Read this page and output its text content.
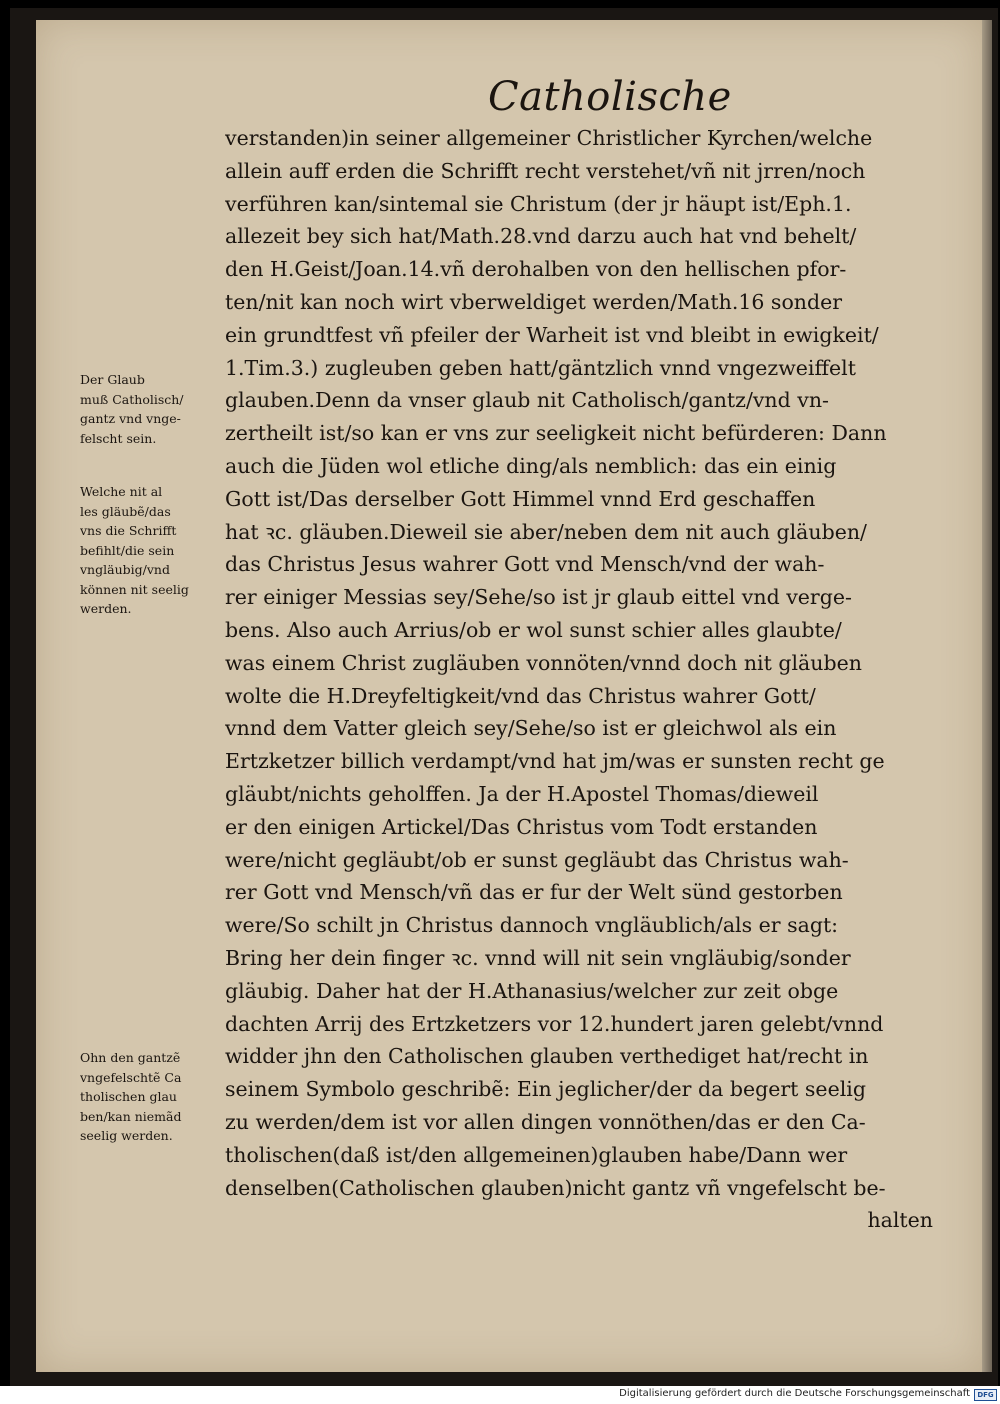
Catholische
verstanden)in seiner allgemeiner Christlicher Kyrchen/welche
allein auff erden die Schrifft recht verstehet/vñ nit jrren/noch
verführen kan/sintemal sie Christum (der jr häupt ist/Eph.1.
allezeit bey sich hat/Math.28.vnd darzu auch hat vnd behelt/
den H.Geist/Joan.14.vñ derohalben von den hellischen pfor-
ten/nit kan noch wirt vberweldiget werden/Math.16 sonder
ein grundtfest vñ pfeiler der Warheit ist vnd bleibt in ewigkeit/
1.Tim.3.) zugleuben geben hatt/gäntzlich vnnd vngezweiffelt
glauben.Denn da vnser glaub nit Catholisch/gantz/vnd vn-
zertheilt ist/so kan er vns zur seeligkeit nicht befürderen: Dann
auch die Jüden wol etliche ding/als nemblich: das ein einig
Gott ist/Das derselber Gott Himmel vnnd Erd geschaffen
hat ꝛc. gläuben.Dieweil sie aber/neben dem nit auch gläuben/
das Christus Jesus wahrer Gott vnd Mensch/vnd der wah-
rer einiger Messias sey/Sehe/so ist jr glaub eittel vnd verge-
bens. Also auch Arrius/ob er wol sunst schier alles glaubte/
was einem Christ zugläuben vonnöten/vnnd doch nit gläuben
wolte die H.Dreyfeltigkeit/vnd das Christus wahrer Gott/
vnnd dem Vatter gleich sey/Sehe/so ist er gleichwol als ein
Ertzketzer billich verdampt/vnd hat jm/was er sunsten recht ge
gläubt/nichts geholffen. Ja der H.Apostel Thomas/dieweil
er den einigen Artickel/Das Christus vom Todt erstanden
were/nicht gegläubt/ob er sunst gegläubt das Christus wah-
rer Gott vnd Mensch/vñ das er fur der Welt sünd gestorben
were/So schilt jn Christus dannoch vngläublich/als er sagt:
Bring her dein finger ꝛc. vnnd will nit sein vngläubig/sonder
gläubig. Daher hat der H.Athanasius/welcher zur zeit obge
dachten Arrij des Ertzketzers vor 12.hundert jaren gelebt/vnnd
widder jhn den Catholischen glauben verthediget hat/recht in
seinem Symbolo geschribẽ: Ein jeglicher/der da begert seelig
zu werden/dem ist vor allen dingen vonnöthen/das er den Ca-
tholischen(daß ist/den allgemeinen)glauben habe/Dann wer
denselben(Catholischen glauben)nicht gantz vñ vngefelscht be-
halten
Der Glaub
muß Catholisch/
gantz vnd vnge-
felscht sein.
Welche nit al
les gläubẽ/das
vns die Schrifft
befihlt/die sein
vngläubig/vnd
können nit seelig
werden.
Ohn den gantzẽ
vngefelschtẽ Ca
tholischen glau
ben/kan niemãd
seelig werden.
Digitalisierung gefördert durch die Deutsche Forschungsgemeinschaft	DFG
